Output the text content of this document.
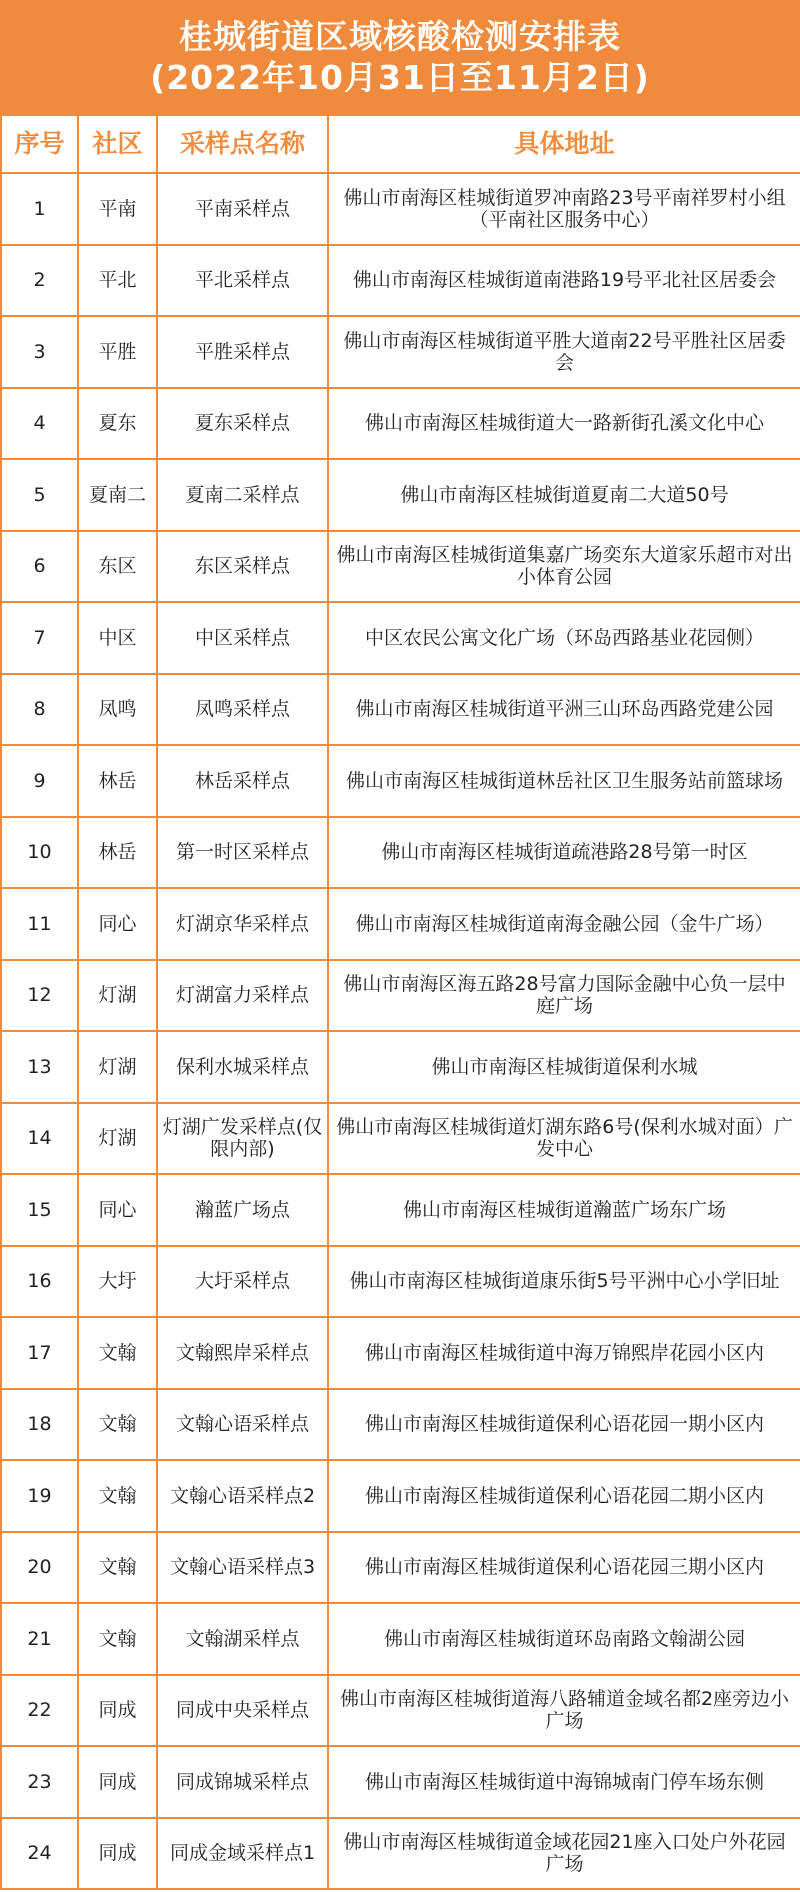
桂城街道区域核酸检测安排表
(2022年10月31日至11月2日)
序号	社区	采样点名称	具体地址
1	平南	平南采样点	佛山市南海区桂城街道罗冲南路23号平南祥罗村小组（平南社区服务中心）
2	平北	平北采样点	佛山市南海区桂城街道南港路19号平北社区居委会
3	平胜	平胜采样点	佛山市南海区桂城街道平胜大道南22号平胜社区居委会
4	夏东	夏东采样点	佛山市南海区桂城街道大一路新街孔溪文化中心
5	夏南二	夏南二采样点	佛山市南海区桂城街道夏南二大道50号
6	东区	东区采样点	佛山市南海区桂城街道集嘉广场奕东大道家乐超市对出小体育公园
7	中区	中区采样点	中区农民公寓文化广场（环岛西路基业花园侧）
8	凤鸣	凤鸣采样点	佛山市南海区桂城街道平洲三山环岛西路党建公园
9	林岳	林岳采样点	佛山市南海区桂城街道林岳社区卫生服务站前篮球场
10	林岳	第一时区采样点	佛山市南海区桂城街道疏港路28号第一时区
11	同心	灯湖京华采样点	佛山市南海区桂城街道南海金融公园（金牛广场）
12	灯湖	灯湖富力采样点	佛山市南海区海五路28号富力国际金融中心负一层中庭广场
13	灯湖	保利水城采样点	佛山市南海区桂城街道保利水城
14	灯湖	灯湖广发采样点(仅限内部)	佛山市南海区桂城街道灯湖东路6号(保利水城对面）广发中心
15	同心	瀚蓝广场点	佛山市南海区桂城街道瀚蓝广场东广场
16	大圩	大圩采样点	佛山市南海区桂城街道康乐街5号平洲中心小学旧址
17	文翰	文翰熙岸采样点	佛山市南海区桂城街道中海万锦熙岸花园小区内
18	文翰	文翰心语采样点	佛山市南海区桂城街道保利心语花园一期小区内
19	文翰	文翰心语采样点2	佛山市南海区桂城街道保利心语花园二期小区内
20	文翰	文翰心语采样点3	佛山市南海区桂城街道保利心语花园三期小区内
21	文翰	文翰湖采样点	佛山市南海区桂城街道环岛南路文翰湖公园
22	同成	同成中央采样点	佛山市南海区桂城街道海八路辅道金域名都2座旁边小广场
23	同成	同成锦城采样点	佛山市南海区桂城街道中海锦城南门停车场东侧
24	同成	同成金域采样点1	佛山市南海区桂城街道金域花园21座入口处户外花园广场
